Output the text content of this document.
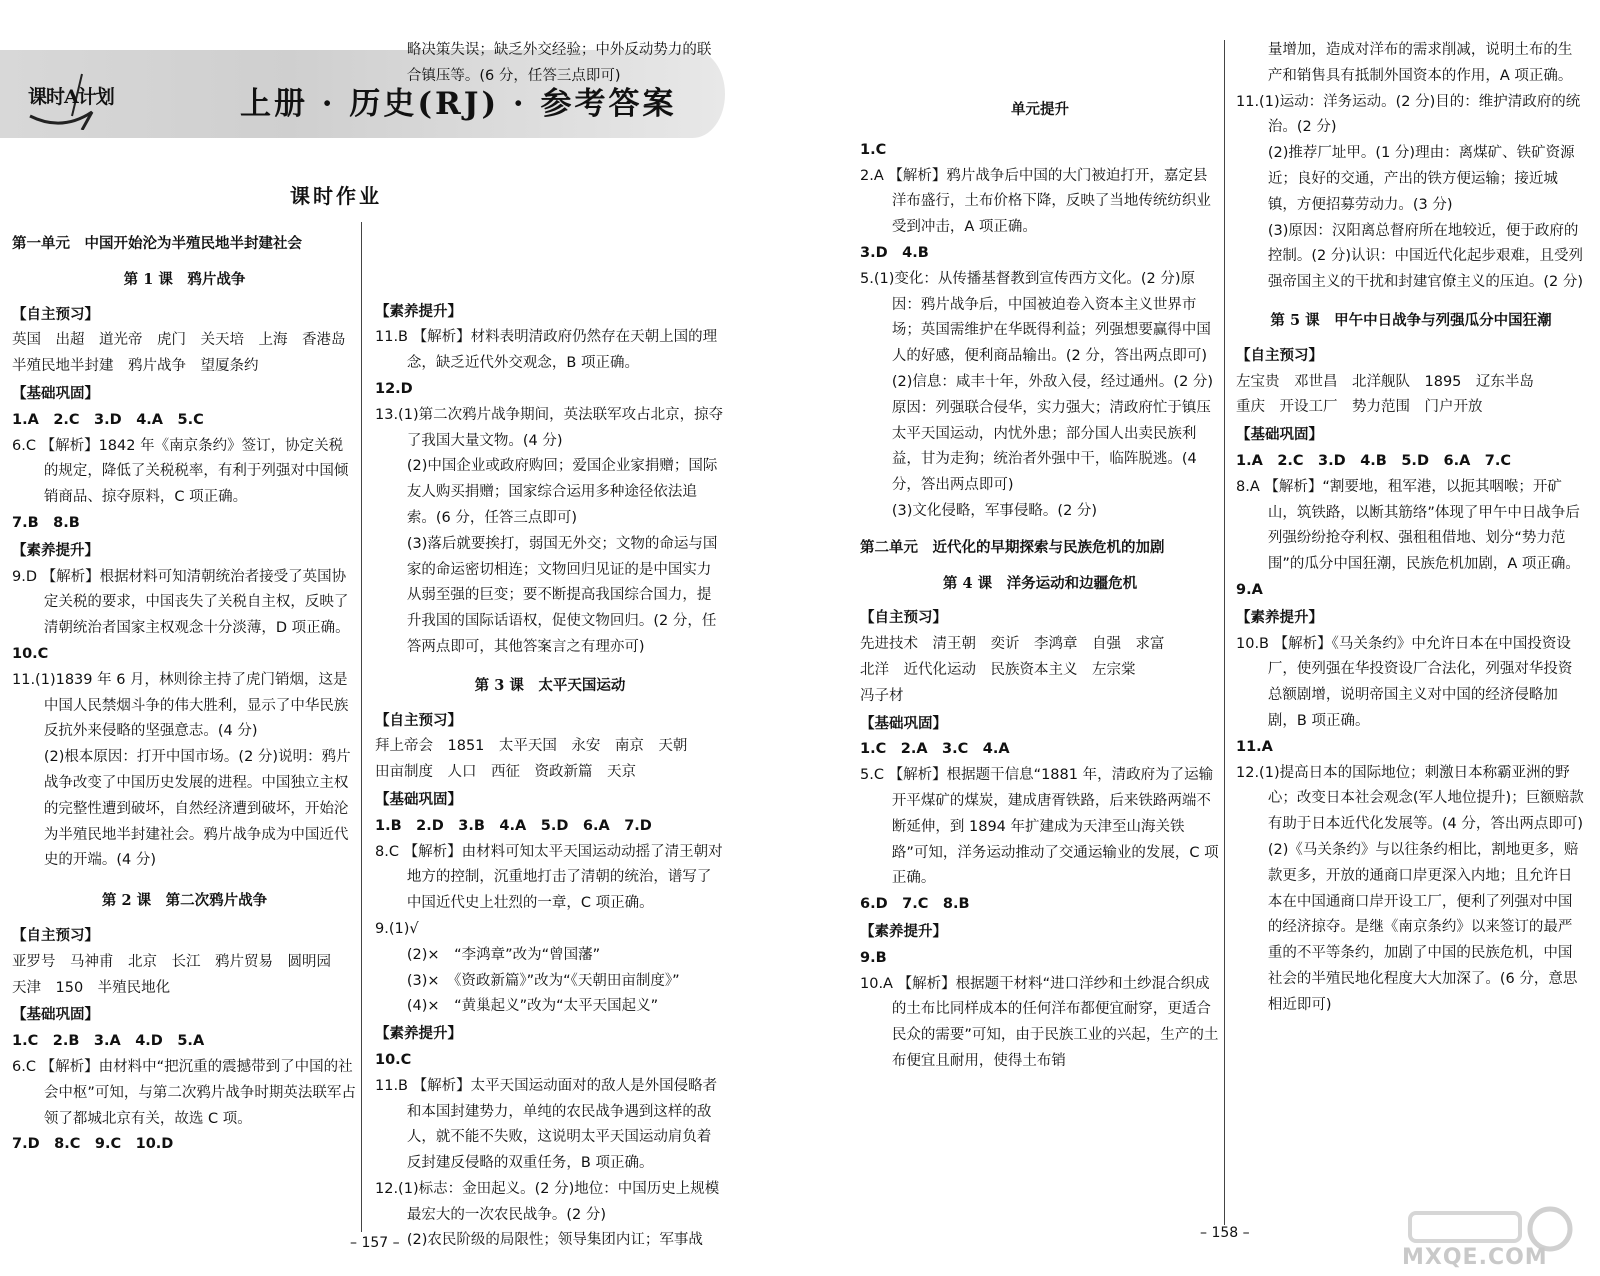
课时A计划	上册 · 历史(RJ) · 参考答案
课时作业
第一单元　中国开始沦为半殖民地半封建社会
第 1 课　鸦片战争
【 自主预习 】
英国　出超　道光帝　虎门　关天培　上海　香港岛
半殖民地半封建　鸦片战争　望厦条约
【 基础巩固 】
1.A　2.C　3.D　4.A　5.C
6.C 【解析】1842 年《南京条约》签订，协定关税的规定，降低了关税税率，有利于列强对中国倾销商品、掠夺原料，C 项正确。
7.B　8.B
【 素养提升 】
9.D 【解析】根据材料可知清朝统治者接受了英国协定关税的要求，中国丧失了关税自主权，反映了清朝统治者国家主权观念十分淡薄，D 项正确。
10.C
11.(1)1839 年 6 月，林则徐主持了虎门销烟，这是中国人民禁烟斗争的伟大胜利，显示了中华民族反抗外来侵略的坚强意志。(4 分)
(2)根本原因：打开中国市场。(2 分)说明：鸦片战争改变了中国历史发展的进程。中国独立主权的完整性遭到破坏，自然经济遭到破坏，开始沦为半殖民地半封建社会。鸦片战争成为中国近代史的开端。(4 分)
第 2 课　第二次鸦片战争
【 自主预习 】
亚罗号　马神甫　北京　长江　鸦片贸易　圆明园
天津　150　半殖民地化
【 基础巩固 】
1.C　2.B　3.A　4.D　5.A
6.C 【解析】由材料中“把沉重的震撼带到了中国的社会中枢”可知，与第二次鸦片战争时期英法联军占领了都城北京有关，故选 C 项。
7.D　8.C　9.C　10.D
略决策失误；缺乏外交经验；中外反动势力的联合镇压等。(6 分，任答三点即可)
【 素养提升 】
11.B 【解析】材料表明清政府仍然存在天朝上国的理念，缺乏近代外交观念，B 项正确。
12.D
13.(1)第二次鸦片战争期间，英法联军攻占北京，掠夺了我国大量文物。(4 分)
(2)中国企业或政府购回；爱国企业家捐赠；国际友人购买捐赠；国家综合运用多种途径依法追索。(6 分，任答三点即可)
(3)落后就要挨打，弱国无外交；文物的命运与国家的命运密切相连；文物回归见证的是中国实力从弱至强的巨变；要不断提高我国综合国力，提升我国的国际话语权，促使文物回归。(2 分，任答两点即可，其他答案言之有理亦可)
第 3 课　太平天国运动
【 自主预习 】
拜上帝会　1851　太平天国　永安　南京　天朝
田亩制度　人口　西征　资政新篇　天京
【 基础巩固 】
1.B　2.D　3.B　4.A　5.D　6.A　7.D
8.C 【解析】由材料可知太平天国运动动摇了清王朝对地方的控制，沉重地打击了清朝的统治，谱写了中国近代史上壮烈的一章，C 项正确。
9.(1)√
(2)×　“李鸿章”改为“曾国藩”
(3)×　《资政新篇》”改为“《天朝田亩制度》”
(4)×　“黄巢起义”改为“太平天国起义”
【 素养提升 】
10.C
11.B 【解析】太平天国运动面对的敌人是外国侵略者和本国封建势力，单纯的农民战争遇到这样的敌人，就不能不失败，这说明太平天国运动肩负着反封建反侵略的双重任务，B 项正确。
12.(1)标志：金田起义。(2 分)地位：中国历史上规模最宏大的一次农民战争。(2 分)
(2)农民阶级的局限性；领导集团内讧；军事战
单元提升
1.C
2.A 【解析】鸦片战争后中国的大门被迫打开，嘉定县洋布盛行，土布价格下降，反映了当地传统纺织业受到冲击，A 项正确。
3.D　4.B
5.(1)变化：从传播基督教到宣传西方文化。(2 分)原因：鸦片战争后，中国被迫卷入资本主义世界市场；英国需维护在华既得利益；列强想要赢得中国人的好感，便利商品输出。(2 分，答出两点即可)
(2)信息：咸丰十年，外敌入侵，经过通州。(2 分)原因：列强联合侵华，实力强大；清政府忙于镇压太平天国运动，内忧外患；部分国人出卖民族利益，甘为走狗；统治者外强中干，临阵脱逃。(4 分，答出两点即可)
(3)文化侵略，军事侵略。(2 分)
第二单元　近代化的早期探索与民族危机的加剧
第 4 课　洋务运动和边疆危机
【 自主预习 】
先进技术　清王朝　奕䜣　李鸿章　自强　求富
北洋　近代化运动　民族资本主义　左宗棠
冯子材
【 基础巩固 】
1.C　2.A　3.C　4.A
5.C 【解析】根据题干信息“1881 年，清政府为了运输开平煤矿的煤炭，建成唐胥铁路，后来铁路两端不断延伸，到 1894 年扩建成为天津至山海关铁路”可知，洋务运动推动了交通运输业的发展，C 项正确。
6.D　7.C　8.B
【 素养提升 】
9.B
10.A 【解析】根据题干材料“进口洋纱和土纱混合织成的土布比同样成本的任何洋布都便宜耐穿，更适合民众的需要”可知，由于民族工业的兴起，生产的土布便宜且耐用，使得土布销
量增加，造成对洋布的需求削减，说明土布的生产和销售具有抵制外国资本的作用，A 项正确。
11.(1)运动：洋务运动。(2 分)目的：维护清政府的统治。(2 分)
(2)推荐厂址甲。(1 分)理由：离煤矿、铁矿资源近；良好的交通，产出的铁方便运输；接近城镇，方便招募劳动力。(3 分)
(3)原因：汉阳离总督府所在地较近，便于政府的控制。(2 分)认识：中国近代化起步艰难，且受列强帝国主义的干扰和封建官僚主义的压迫。(2 分)
第 5 课　甲午中日战争与列强瓜分中国狂潮
【 自主预习 】
左宝贵　邓世昌　北洋舰队　1895　辽东半岛
重庆　开设工厂　势力范围　门户开放
【 基础巩固 】
1.A　2.C　3.D　4.B　5.D　6.A　7.C
8.A 【解析】“割要地，租军港，以扼其咽喉；开矿山，筑铁路，以断其筋络”体现了甲午中日战争后列强纷纷抢夺利权、强租租借地、划分“势力范围”的瓜分中国狂潮，民族危机加剧，A 项正确。
9.A
【 素养提升 】
10.B 【解析】《马关条约》中允许日本在中国投资设厂，使列强在华投资设厂合法化，列强对华投资总额剧增，说明帝国主义对中国的经济侵略加剧，B 项正确。
11.A
12.(1)提高日本的国际地位；刺激日本称霸亚洲的野心；改变日本社会观念(军人地位提升)；巨额赔款有助于日本近代化发展等。(4 分，答出两点即可)
(2)《马关条约》与以往条约相比，割地更多，赔款更多，开放的通商口岸更深入内地；且允许日本在中国通商口岸开设工厂，便利了列强对中国的经济掠夺。是继《南京条约》以来签订的最严重的不平等条约，加剧了中国的民族危机，中国社会的半殖民地化程度大大加深了。(6 分，意思相近即可)
– 157 –
– 158 –
MXQE.COM
